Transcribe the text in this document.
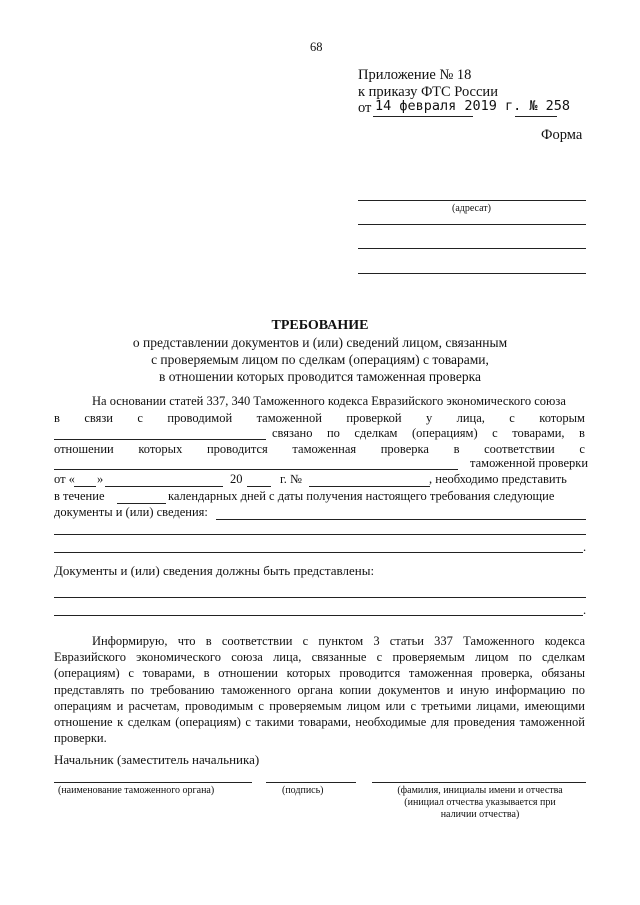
68
Приложение № 18
к приказу ФТС России
от 14 февраля 2019 г. № 258
Форма
(адресат)
ТРЕБОВАНИЕ
о представлении документов и (или) сведений лицом, связанным
с проверяемым лицом по сделкам (операциям) с товарами,
в отношении которых проводится таможенная проверка
На основании статей 337, 340 Таможенного кодекса Евразийского экономического союза
в связи с проводимой таможенной проверкой у лица, с которым
связано по сделкам (операциям) с товарами, в
отношении которых проводится таможенная проверка в соответствии с
таможенной проверки
от « »	20	г. №	, необходимо представить
в течение	календарных дней с даты получения настоящего требования следующие
документы и (или) сведения:
.
Документы и (или) сведения должны быть представлены:
.
Информирую, что в соответствии с пунктом 3 статьи 337 Таможенного кодекса Евразийского экономического союза лица, связанные с проверяемым лицом по сделкам (операциям) с товарами, в отношении которых проводится таможенная проверка, обязаны представлять по требованию таможенного органа копии документов и иную информацию по операциям и расчетам, проводимым с проверяемым лицом или с третьими лицами, имеющими отношение к сделкам (операциям) с такими товарами, необходимые для проведения таможенной проверки.
Начальник (заместитель начальника)
(наименование таможенного органа)	(подпись)	(фамилия, инициалы имени и отчества
(инициал отчества указывается при
наличии отчества)
